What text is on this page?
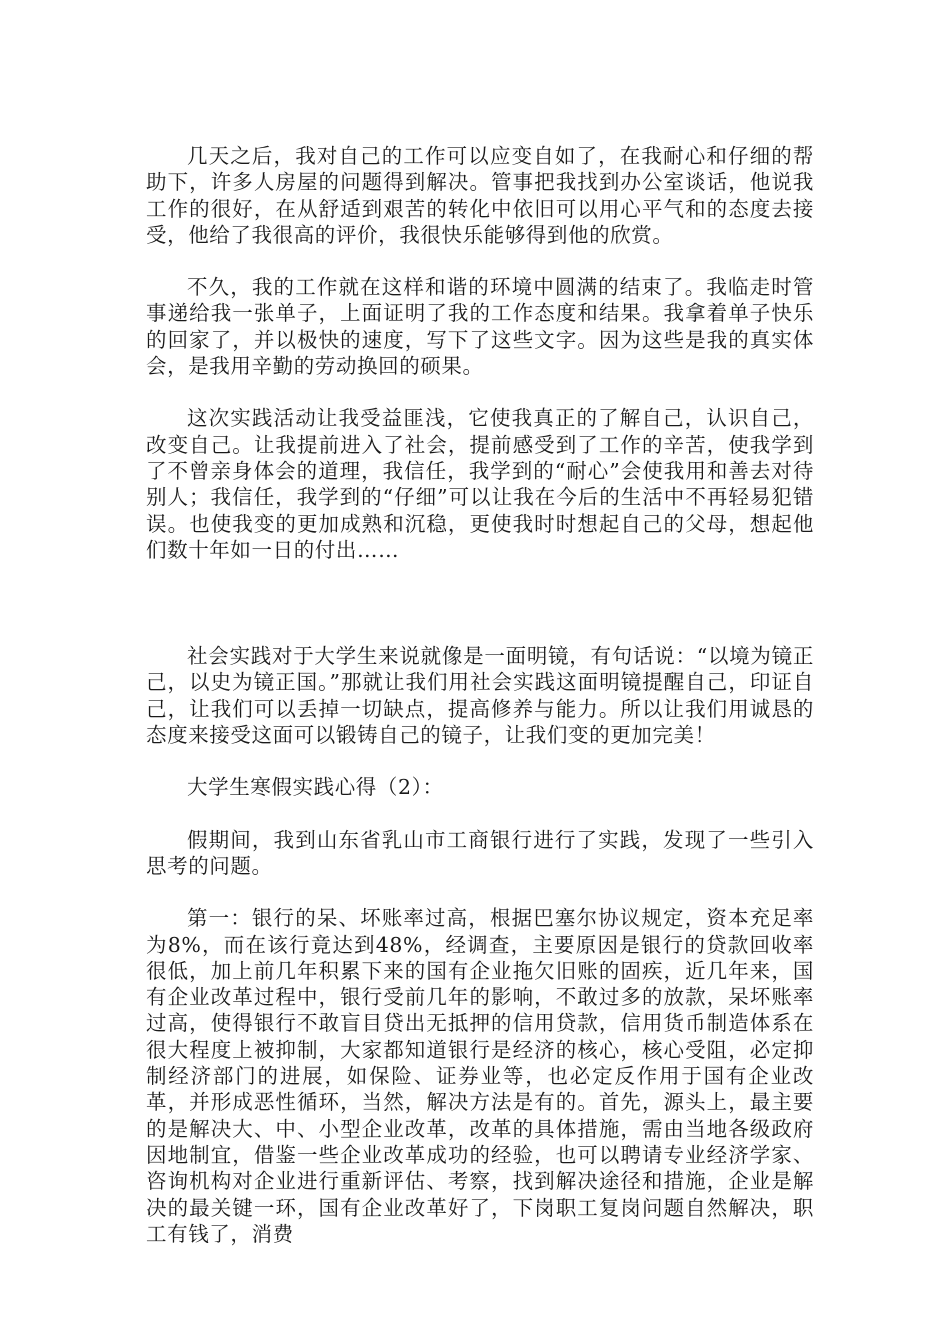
几天之后，我对自己的工作可以应变自如了，在我耐心和仔细的帮助下，许多人房屋的问题得到解决。管事把我找到办公室谈话，他说我工作的很好，在从舒适到艰苦的转化中依旧可以用心平气和的态度去接受，他给了我很高的评价，我很快乐能够得到他的欣赏。

不久，我的工作就在这样和谐的环境中圆满的结束了。我临走时管事递给我一张单子，上面证明了我的工作态度和结果。我拿着单子快乐的回家了，并以极快的速度，写下了这些文字。因为这些是我的真实体会，是我用辛勤的劳动换回的硕果。

这次实践活动让我受益匪浅，它使我真正的了解自己，认识自己，改变自己。让我提前进入了社会，提前感受到了工作的辛苦，使我学到了不曾亲身体会的道理，我信任，我学到的“耐心”会使我用和善去对待别人；我信任，我学到的“仔细”可以让我在今后的生活中不再轻易犯错误。也使我变的更加成熟和沉稳，更使我时时想起自己的父母，想起他们数十年如一日的付出……

社会实践对于大学生来说就像是一面明镜，有句话说：“以境为镜正己，以史为镜正国。”那就让我们用社会实践这面明镜提醒自己，印证自己，让我们可以丢掉一切缺点，提高修养与能力。所以让我们用诚恳的态度来接受这面可以锻铸自己的镜子，让我们变的更加完美！

大学生寒假实践心得（2）：

假期间，我到山东省乳山市工商银行进行了实践，发现了一些引入思考的问题。

第一：银行的呆、坏账率过高，根据巴塞尔协议规定，资本充足率为8%，而在该行竟达到48%，经调查，主要原因是银行的贷款回收率很低，加上前几年积累下来的国有企业拖欠旧账的固疾，近几年来，国有企业改革过程中，银行受前几年的影响，不敢过多的放款，呆坏账率过高，使得银行不敢盲目贷出无抵押的信用贷款，信用货币制造体系在很大程度上被抑制，大家都知道银行是经济的核心，核心受阻，必定抑制经济部门的进展，如保险、证券业等，也必定反作用于国有企业改革，并形成恶性循环，当然，解决方法是有的。首先，源头上，最主要的是解决大、中、小型企业改革，改革的具体措施，需由当地各级政府因地制宜，借鉴一些企业改革成功的经验，也可以聘请专业经济学家、咨询机构对企业进行重新评估、考察，找到解决途径和措施，企业是解决的最关键一环，国有企业改革好了，下岗职工复岗问题自然解决，职工有钱了，消费
